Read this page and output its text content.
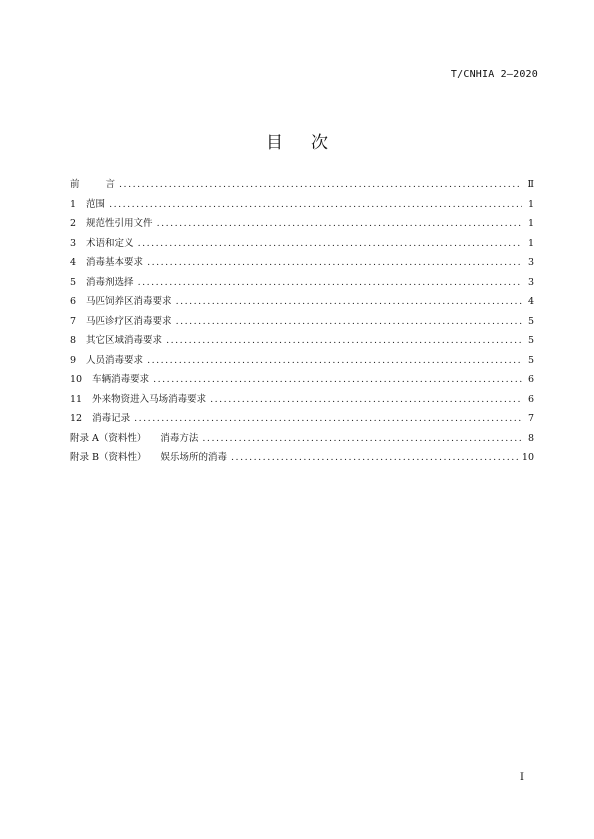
T/CNHIA 2—2020
目次
前	言 .....	Ⅱ
1 范围 .....	1
2 规范性引用文件 .....	1
3 术语和定义 .....	1
4 消毒基本要求 .....	3
5 消毒剂选择 .....	3
6 马匹饲养区消毒要求 .....	4
7 马匹诊疗区消毒要求 .....	5
8 其它区域消毒要求 .....	5
9 人员消毒要求 .....	5
10 车辆消毒要求 .....	6
11 外来物资进入马场消毒要求 .....	6
12 消毒记录 .....	7
附录 A（资料性） 消毒方法 .....	8
附录 B（资料性） 娱乐场所的消毒 .....	10
I
